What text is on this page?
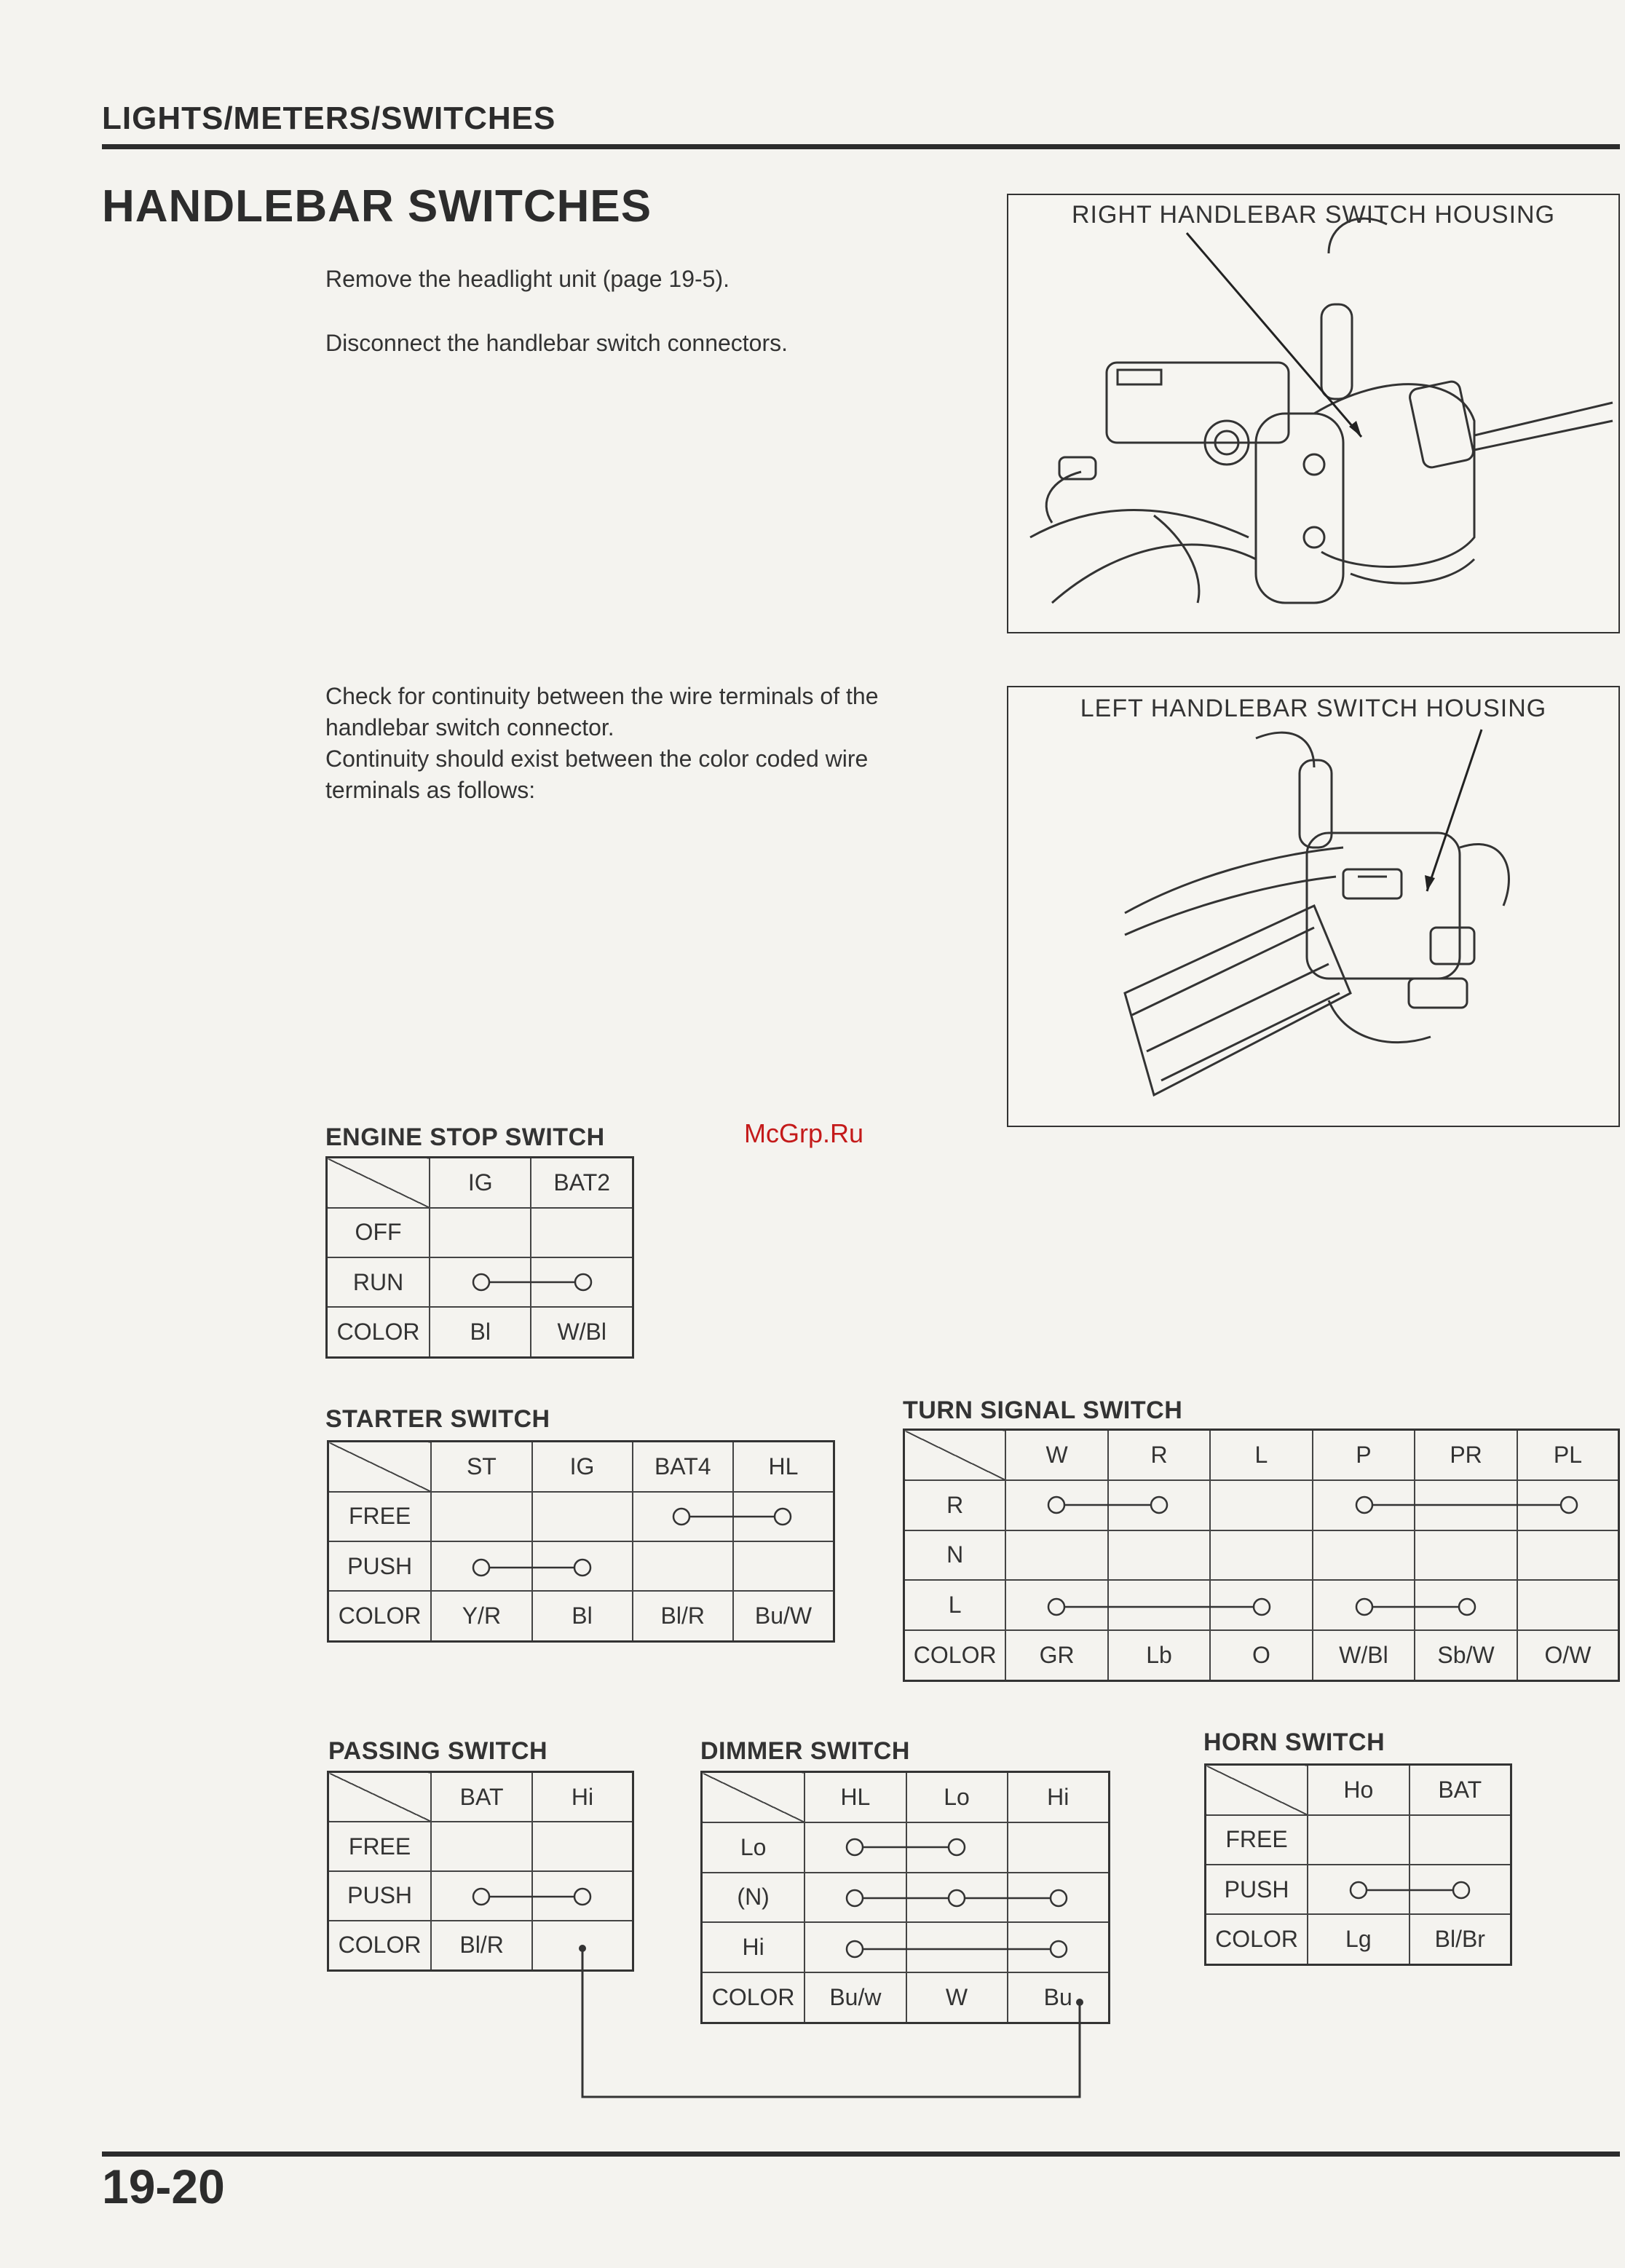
LIGHTS/METERS/SWITCHES
HANDLEBAR SWITCHES
Remove the headlight unit (page 19-5).
Disconnect the handlebar switch connectors.
Check for continuity between the wire terminals of the
handlebar switch connector.
Continuity should exist between the color coded wire
terminals as follows:
RIGHT HANDLEBAR SWITCH HOUSING
LEFT HANDLEBAR SWITCH HOUSING
McGrp.Ru
ENGINE STOP SWITCH
	IG	BAT2
OFF		
RUN		
COLOR	Bl	W/Bl
STARTER SWITCH
	ST	IG	BAT4	HL
FREE				
PUSH				
COLOR	Y/R	Bl	Bl/R	Bu/W
TURN SIGNAL SWITCH
	W	R	L	P	PR	PL
R						
N						
L						
COLOR	GR	Lb	O	W/Bl	Sb/W	O/W
PASSING SWITCH
	BAT	Hi
FREE		
PUSH		
COLOR	Bl/R	
DIMMER SWITCH
	HL	Lo	Hi
Lo			
(N)			
Hi			
COLOR	Bu/w	W	Bu
HORN SWITCH
	Ho	BAT
FREE		
PUSH		
COLOR	Lg	Bl/Br
19-20
